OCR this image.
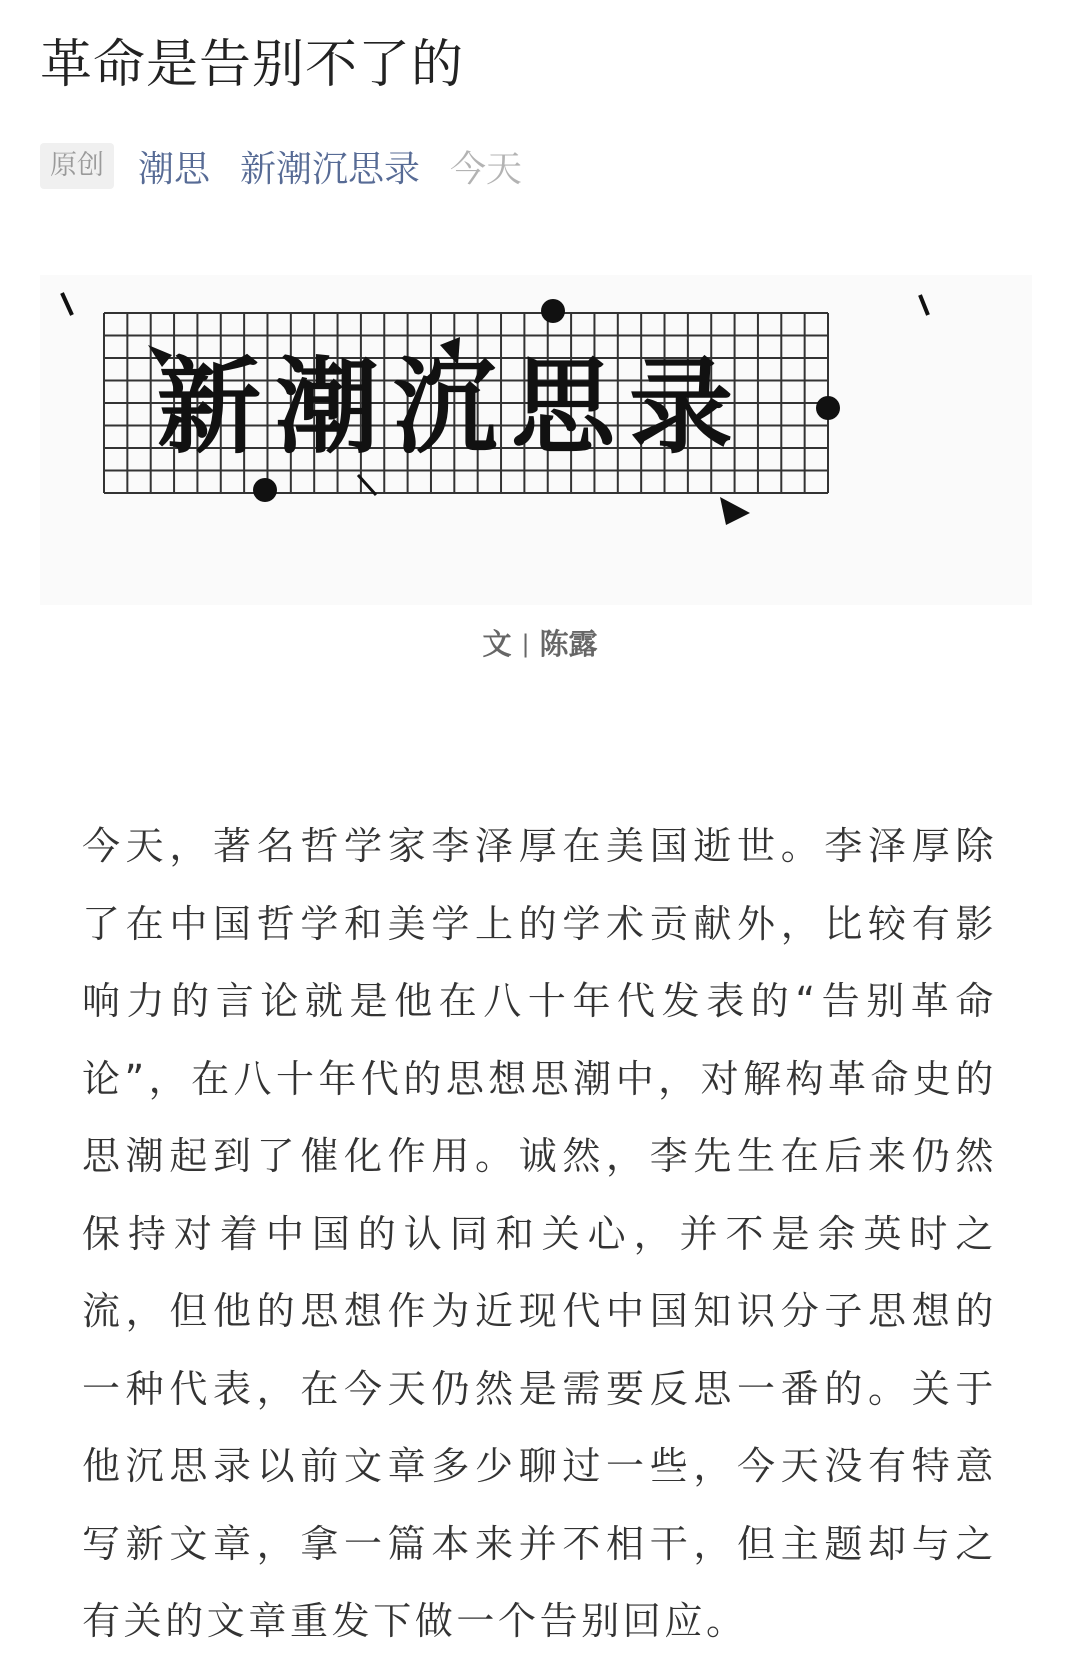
革命是告别不了的
原创 潮思 新潮沉思录 今天
新潮沉思录
文 | 陈露

今天，著名哲学家李泽厚在美国逝世。李泽厚除了在中国哲学和美学上的学术贡献外，比较有影响力的言论就是他在八十年代发表的“告别革命论”，在八十年代的思想思潮中，对解构革命史的思潮起到了催化作用。诚然，李先生在后来仍然保持对着中国的认同和关心，并不是余英时之流，但他的思想作为近现代中国知识分子思想的一种代表，在今天仍然是需要反思一番的。关于他沉思录以前文章多少聊过一些，今天没有特意写新文章，拿一篇本来并不相干，但主题却与之有关的文章重发下做一个告别回应。
